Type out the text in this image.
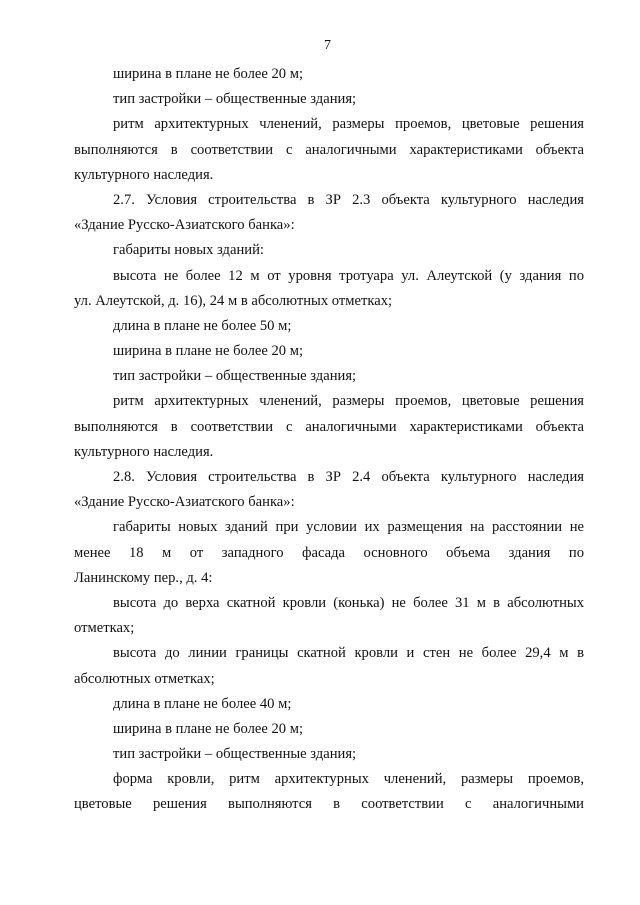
7
ширина в плане не более 20 м;
тип застройки – общественные здания;
ритм архитектурных членений, размеры проемов, цветовые решения
выполняются в соответствии с аналогичными характеристиками объекта
культурного наследия.
2.7. Условия строительства в ЗР 2.3 объекта культурного наследия
«Здание Русско-Азиатского банка»:
габариты новых зданий:
высота не более 12 м от уровня тротуара ул. Алеутской (у здания по
ул. Алеутской, д. 16), 24 м в абсолютных отметках;
длина в плане не более 50 м;
ширина в плане не более 20 м;
тип застройки – общественные здания;
ритм архитектурных членений, размеры проемов, цветовые решения
выполняются в соответствии с аналогичными характеристиками объекта
культурного наследия.
2.8. Условия строительства в ЗР 2.4 объекта культурного наследия
«Здание Русско-Азиатского банка»:
габариты новых зданий при условии их размещения на расстоянии не
менее 18 м от западного фасада основного объема здания по
Ланинскому пер., д. 4:
высота до верха скатной кровли (конька) не более 31 м в абсолютных
отметках;
высота до линии границы скатной кровли и стен не более 29,4 м в
абсолютных отметках;
длина в плане не более 40 м;
ширина в плане не более 20 м;
тип застройки – общественные здания;
форма кровли, ритм архитектурных членений, размеры проемов,
цветовые решения выполняются в соответствии с аналогичными
